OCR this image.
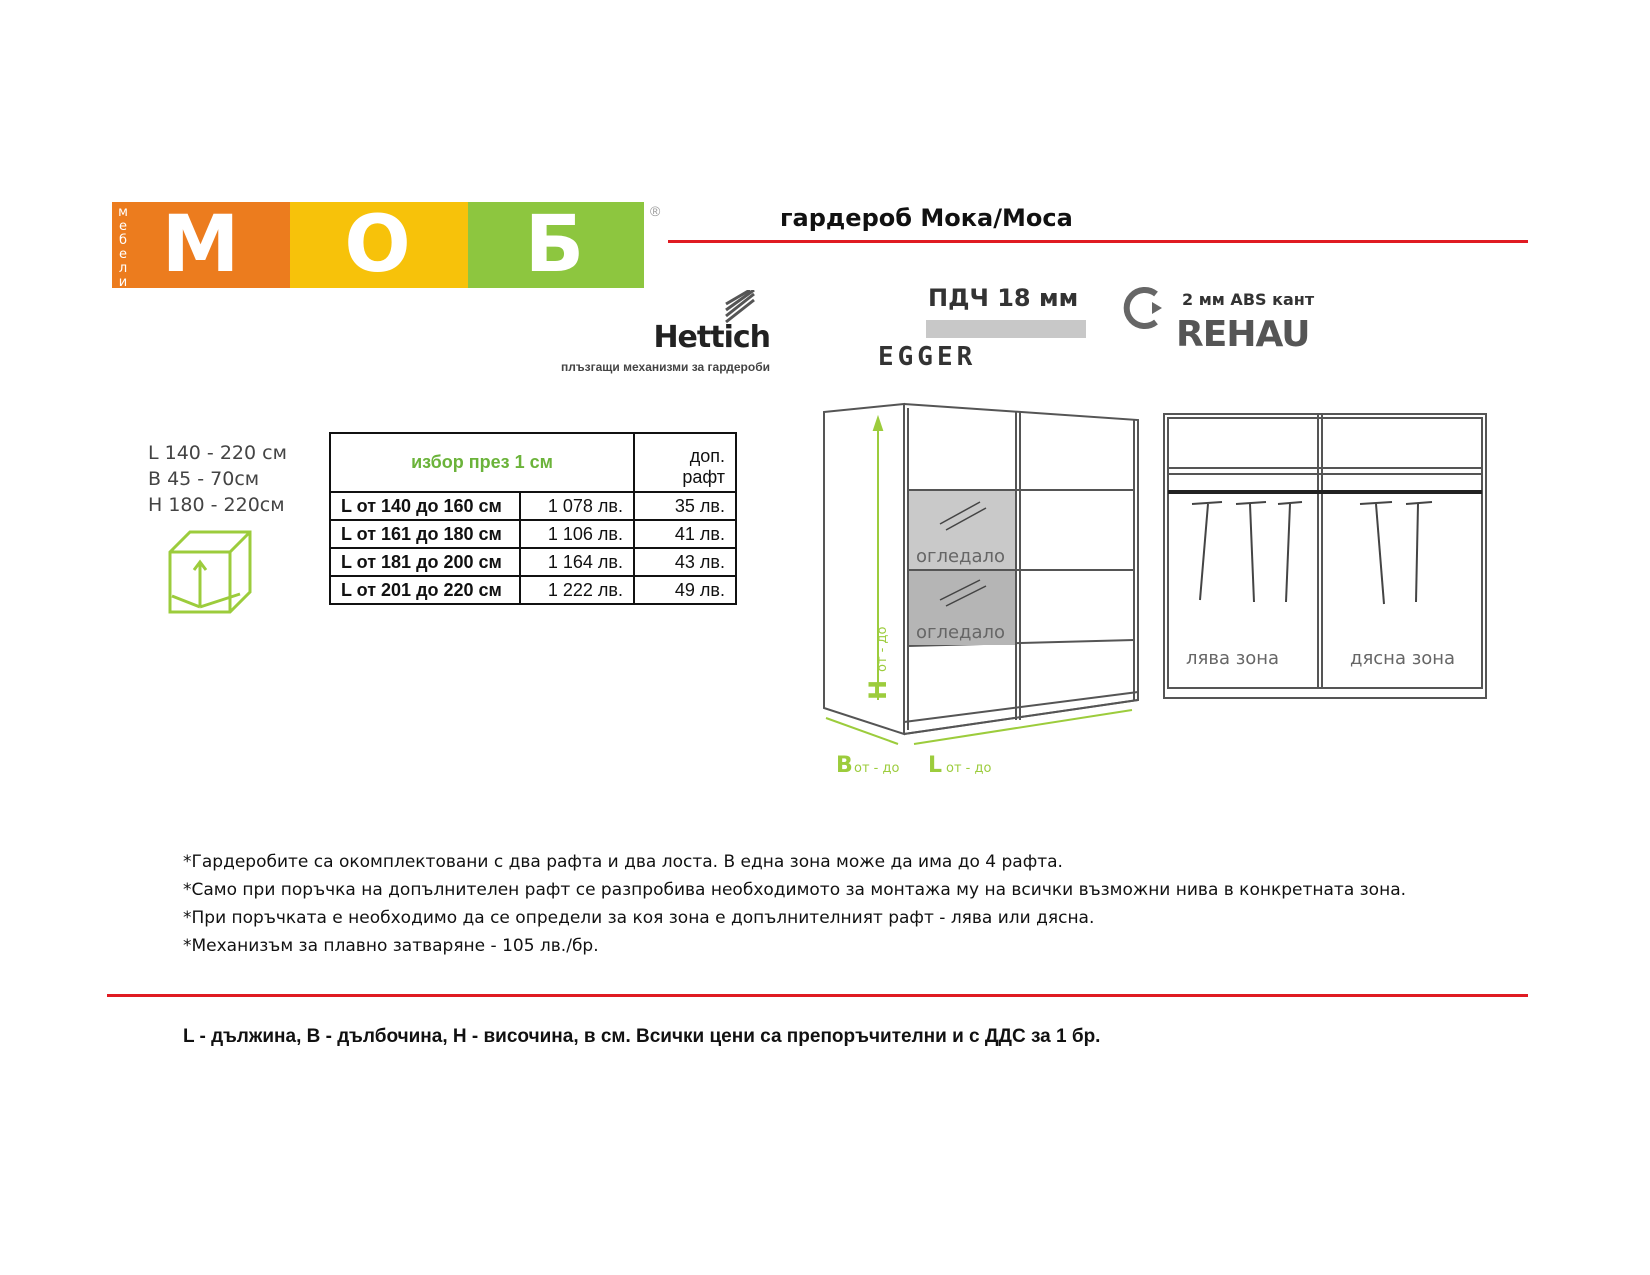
М	О	Б
м
е
б
е
л
и
®	гардероб Мока/Моса
Hettich
плъзгащи механизми за гардероби
ПДЧ 18 мм
EGGER
2 мм ABS кант
REHAU
L 140 - 220 см
B 45 - 70см
H 180 - 220см
избор през 1 см		доп. рафт
L от 140 до 160 см	1 078 лв.	35 лв.
L от 161 до 180 см	1 106 лв.	41 лв.
L от 181 до 200 см	1 164 лв.	43 лв.
L от 201 до 220 см	1 222 лв.	49 лв.
огледало
огледало
H
от - до
B от - до L от - до
лява зона	дясна зона
*Гардеробите са окомплектовани с два рафта и два лоста. В една зона може да има до 4 рафта.
*Само при поръчка на допълнителен рафт се разпробива необходимото за монтажа му на всички възможни нива в конкретната зона.
*При поръчката е необходимо да се определи за коя зона е допълнителният рафт - лява или дясна.
*Механизъм за плавно затваряне - 105 лв./бр.
L - дължина, B - дълбочина, H - височина, в см. Всички цени са препоръчителни и с ДДС за 1 бр.
